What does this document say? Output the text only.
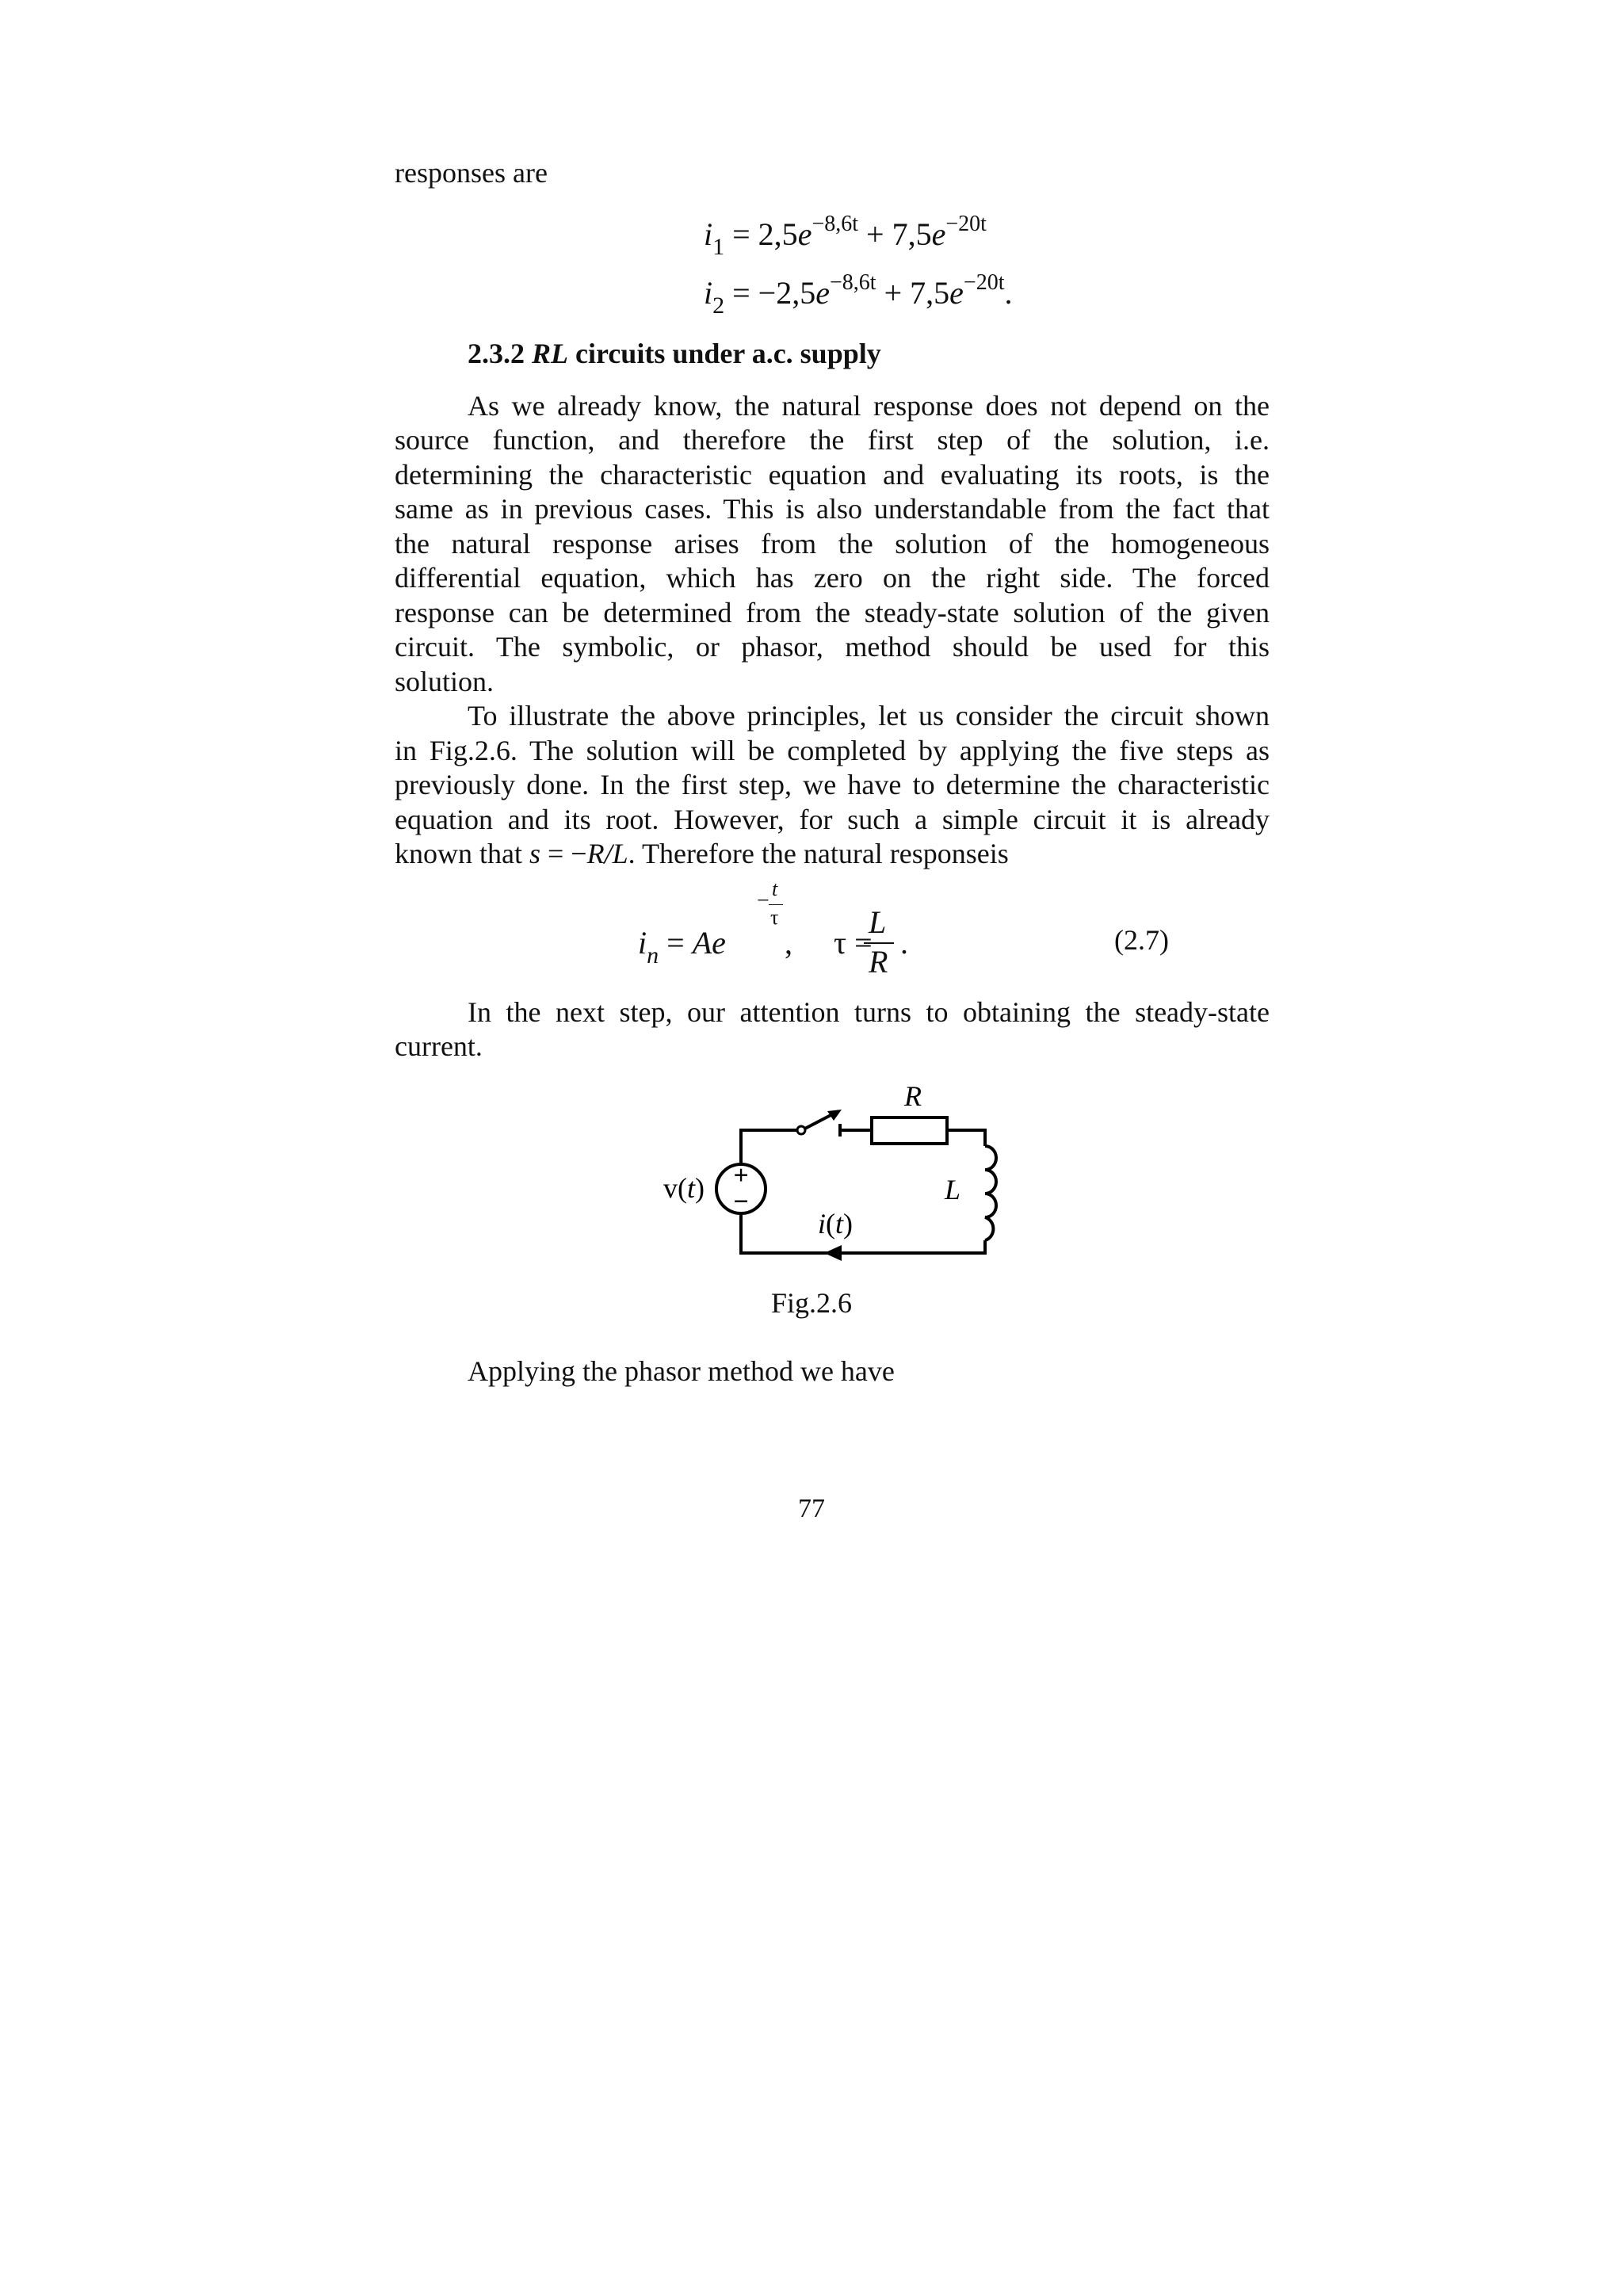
responses are
$i_1 = 2,5e^{-8,6t} + 7,5e^{-20t}$
$i_2 = -2,5e^{-8,6t} + 7,5e^{-20t}$.
2.3.2 RL circuits under a.c. supply
As we already know, the natural response does not depend on the
source function, and therefore the first step of the solution, i.e.
determining the characteristic equation and evaluating its roots, is the
same as in previous cases. This is also understandable from the fact that
the natural response arises from the solution of the homogeneous
differential equation, which has zero on the right side. The forced
response can be determined from the steady-state solution of the given
circuit. The symbolic, or phasor, method should be used for this
solution.
To illustrate the above principles, let us consider the circuit shown
in Fig.2.6. The solution will be completed by applying the five steps as
previously done. In the first step, we have to determine the characteristic
equation and its root. However, for such a simple circuit it is already
known that s = −R/L. Therefore the natural responseis
$i_n = Ae$
− t
τ
, τ =
L
R
.	(2.7)
In the next step, our attention turns to obtaining the steady-state
current.
+
−
R
L
v(t)
i(t)
Fig.2.6
Applying the phasor method we have
77
